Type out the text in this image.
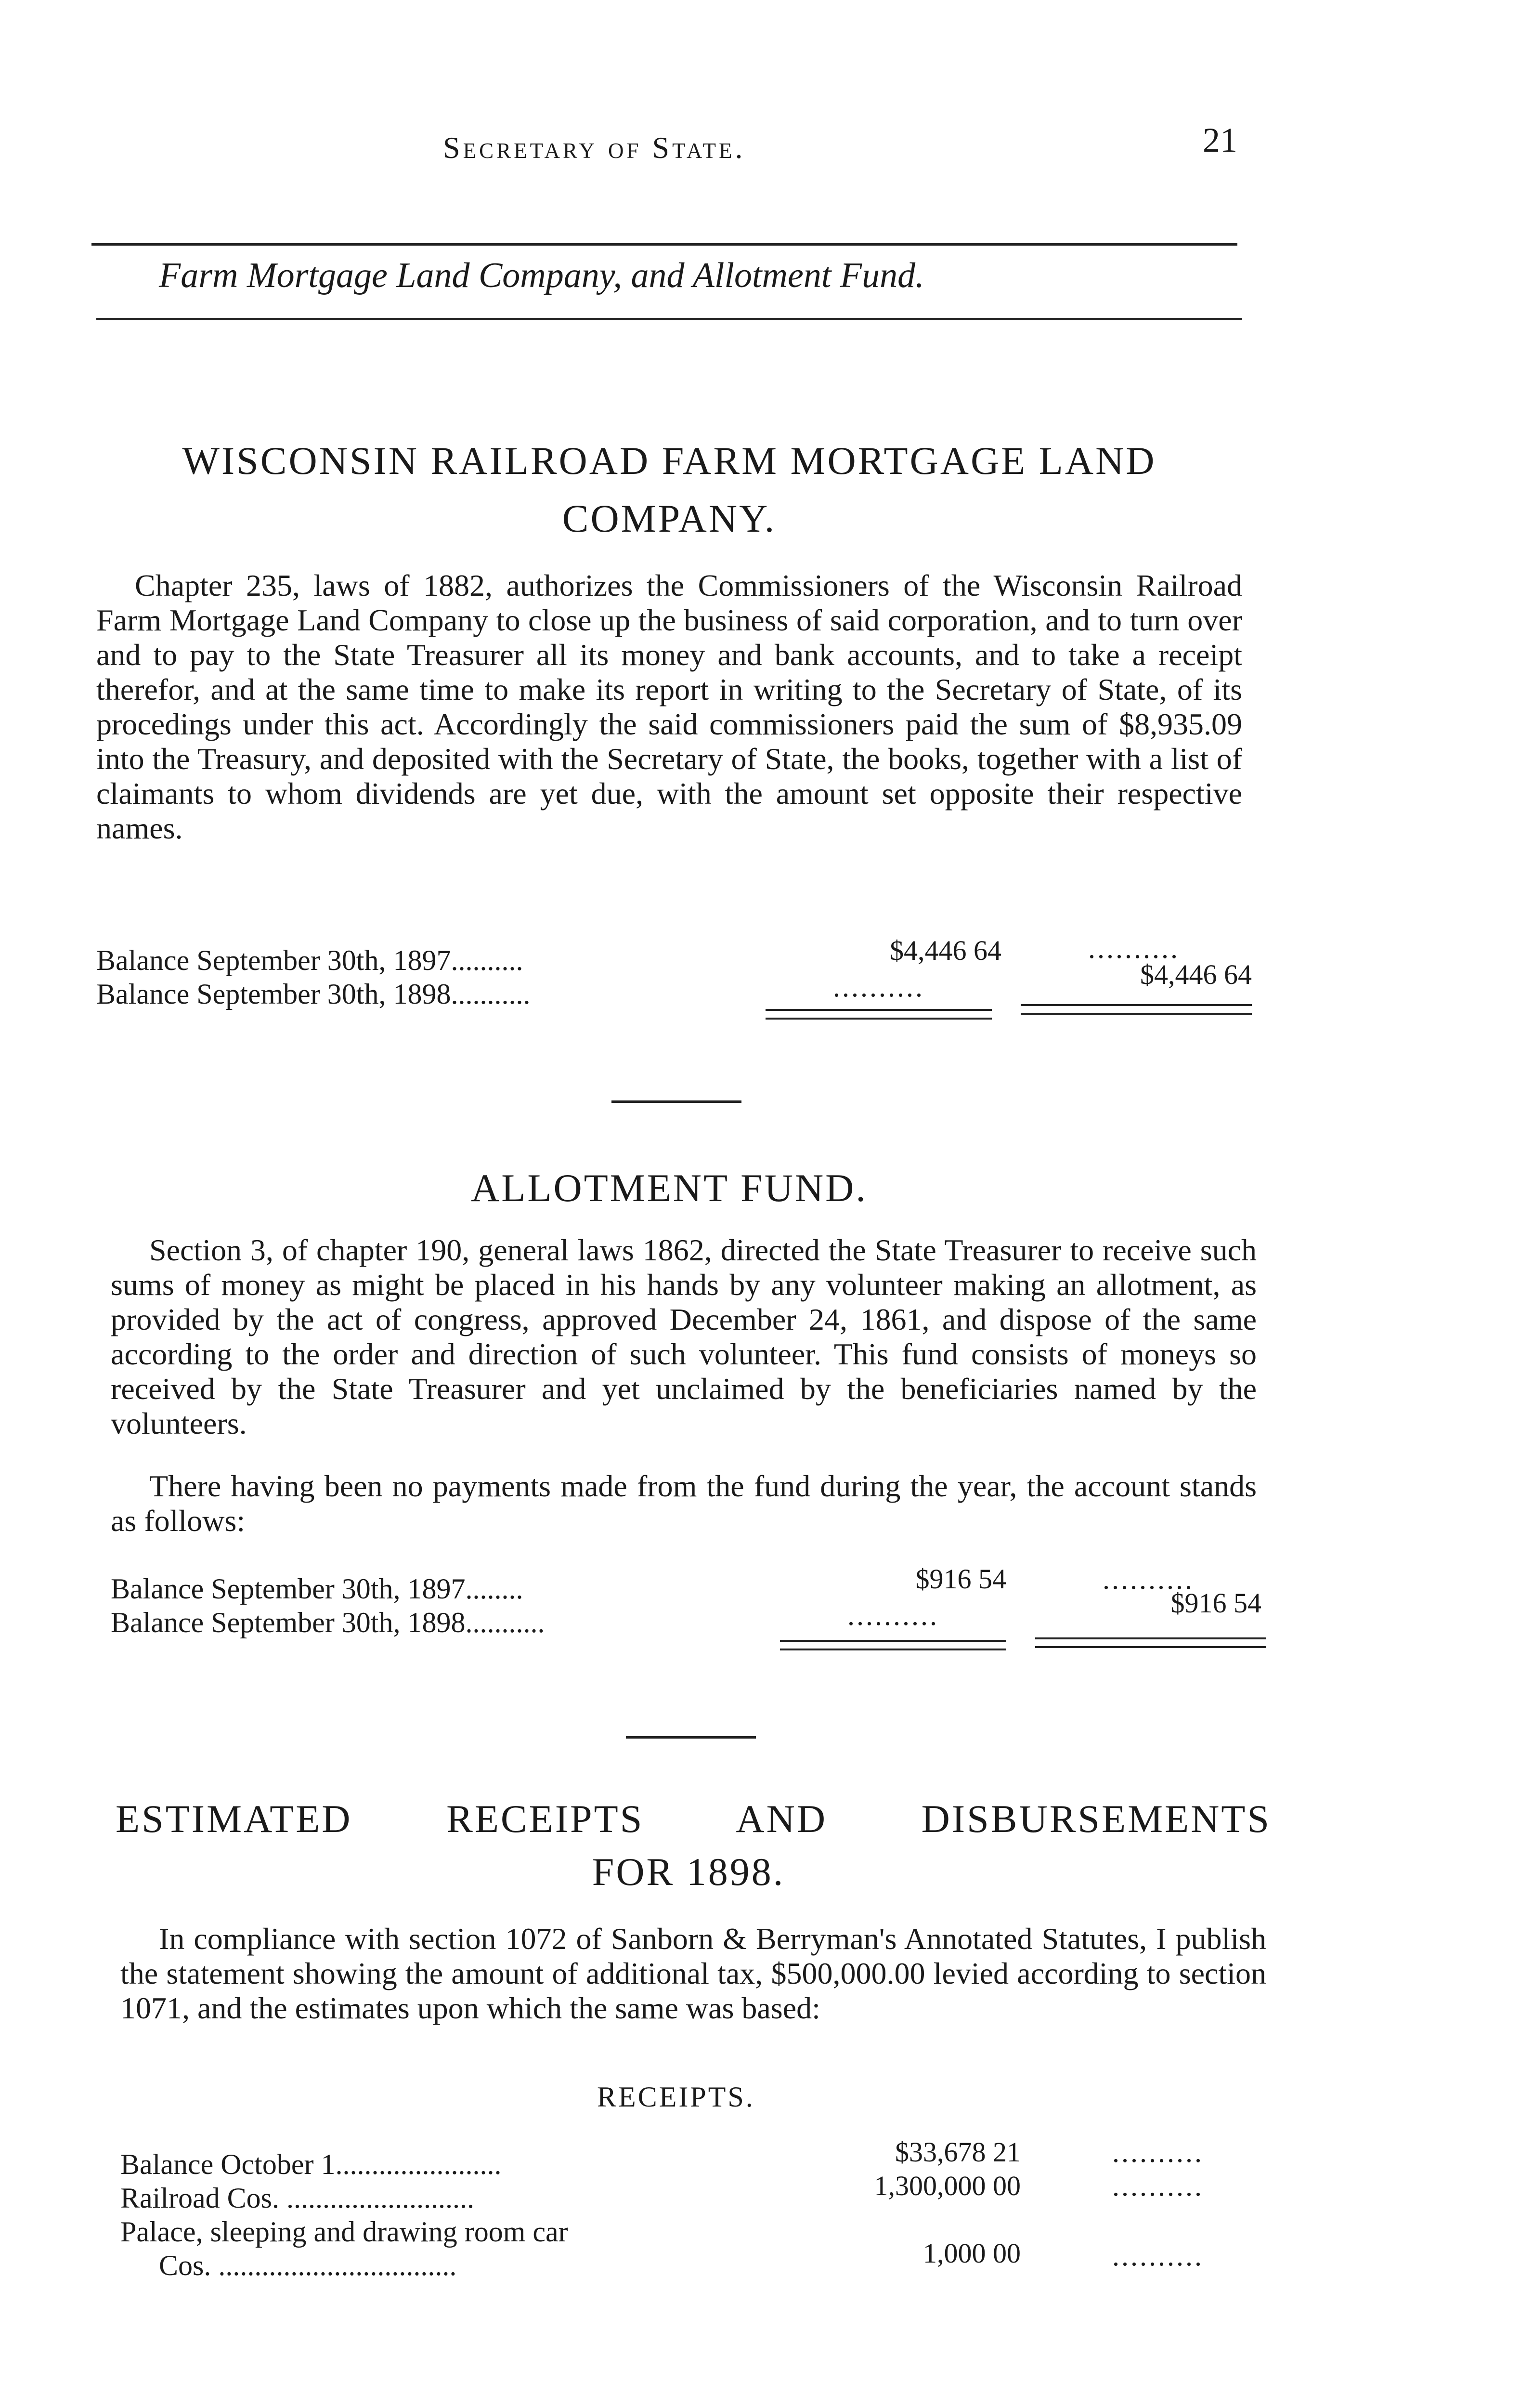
Secretary of State.	21
Farm Mortgage Land Company, and Allotment Fund.
WISCONSIN RAILROAD FARM MORTGAGE LAND
COMPANY.

Chapter 235, laws of 1882, authorizes the Commissioners of the Wisconsin Railroad Farm Mortgage Land Company to close up the business of said corporation, and to turn over and to pay to the State Treasurer all its money and bank accounts, and to take a receipt therefor, and at the same time to make its report in writing to the Secretary of State, of its procedings under this act. Accordingly the said commissioners paid the sum of $8,935.09 into the Treasury, and deposited with the Secretary of State, the books, together with a list of claimants to whom dividends are yet due, with the amount set opposite their respective names.

Balance September 30th, 1897..........	$4,446 64	..........
Balance September 30th, 1898...........	..........	$4,446 64
ALLOTMENT FUND.

Section 3, of chapter 190, general laws 1862, directed the State Treasurer to receive such sums of money as might be placed in his hands by any volunteer making an allotment, as provided by the act of congress, approved December 24, 1861, and dispose of the same according to the order and direction of such volunteer. This fund consists of moneys so received by the State Treasurer and yet unclaimed by the beneficiaries named by the volunteers.

There having been no payments made from the fund during the year, the account stands as follows:

Balance September 30th, 1897........	$916 54	..........
Balance September 30th, 1898...........	..........	$916 54
ESTIMATED RECEIPTS AND DISBURSEMENTS
FOR 1898.

In compliance with section 1072 of Sanborn & Berryman's Annotated Statutes, I publish the statement showing the amount of additional tax, $500,000.00 levied according to section 1071, and the estimates upon which the same was based:

RECEIPTS.
Balance October 1.......................	$33,678 21	..........
Railroad Cos. ..........................	1,300,000 00	..........
Palace, sleeping and drawing room car
Cos. .................................	1,000 00	..........
